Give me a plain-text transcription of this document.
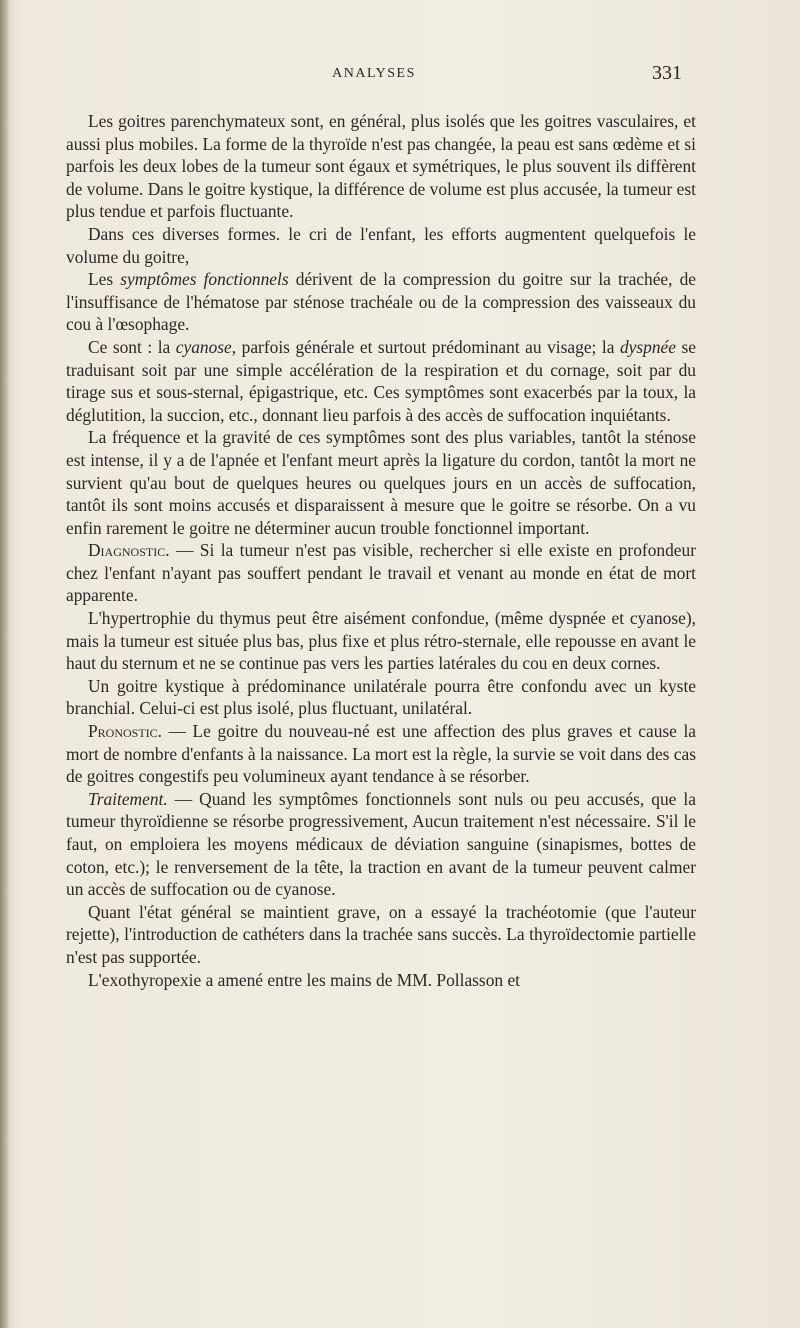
ANALYSES	331

Les goitres parenchymateux sont, en général, plus isolés que les goitres vasculaires, et aussi plus mobiles. La forme de la thyroïde n'est pas changée, la peau est sans œdème et si parfois les deux lobes de la tumeur sont égaux et symétriques, le plus souvent ils diffèrent de volume. Dans le goitre kystique, la différence de volume est plus accusée, la tumeur est plus tendue et parfois fluctuante.

Dans ces diverses formes. le cri de l'enfant, les efforts augmentent quelquefois le volume du goitre,

Les symptômes fonctionnels dérivent de la compression du goitre sur la trachée, de l'insuffisance de l'hématose par sténose trachéale ou de la compression des vaisseaux du cou à l'œsophage.

Ce sont : la cyanose, parfois générale et surtout prédominant au visage; la dyspnée se traduisant soit par une simple accélération de la respiration et du cornage, soit par du tirage sus et sous-sternal, épigastrique, etc. Ces symptômes sont exacerbés par la toux, la déglutition, la succion, etc., donnant lieu parfois à des accès de suffocation inquiétants.

La fréquence et la gravité de ces symptômes sont des plus variables, tantôt la sténose est intense, il y a de l'apnée et l'enfant meurt après la ligature du cordon, tantôt la mort ne survient qu'au bout de quelques heures ou quelques jours en un accès de suffocation, tantôt ils sont moins accusés et disparaissent à mesure que le goitre se résorbe. On a vu enfin rarement le goitre ne déterminer aucun trouble fonctionnel important.

Diagnostic. — Si la tumeur n'est pas visible, rechercher si elle existe en profondeur chez l'enfant n'ayant pas souffert pendant le travail et venant au monde en état de mort apparente.

L'hypertrophie du thymus peut être aisément confondue, (même dyspnée et cyanose), mais la tumeur est située plus bas, plus fixe et plus rétro-sternale, elle repousse en avant le haut du sternum et ne se continue pas vers les parties latérales du cou en deux cornes.

Un goitre kystique à prédominance unilatérale pourra être confondu avec un kyste branchial. Celui-ci est plus isolé, plus fluctuant, unilatéral.

Pronostic. — Le goitre du nouveau-né est une affection des plus graves et cause la mort de nombre d'enfants à la naissance. La mort est la règle, la survie se voit dans des cas de goitres congestifs peu volumineux ayant tendance à se résorber.

Traitement. — Quand les symptômes fonctionnels sont nuls ou peu accusés, que la tumeur thyroïdienne se résorbe progressivement, Aucun traitement n'est nécessaire. S'il le faut, on emploiera les moyens médicaux de déviation sanguine (sinapismes, bottes de coton, etc.); le renversement de la tête, la traction en avant de la tumeur peuvent calmer un accès de suffocation ou de cyanose.

Quant l'état général se maintient grave, on a essayé la trachéotomie (que l'auteur rejette), l'introduction de cathéters dans la trachée sans succès. La thyroïdectomie partielle n'est pas supportée.

L'exothyropexie a amené entre les mains de MM. Pollasson et
